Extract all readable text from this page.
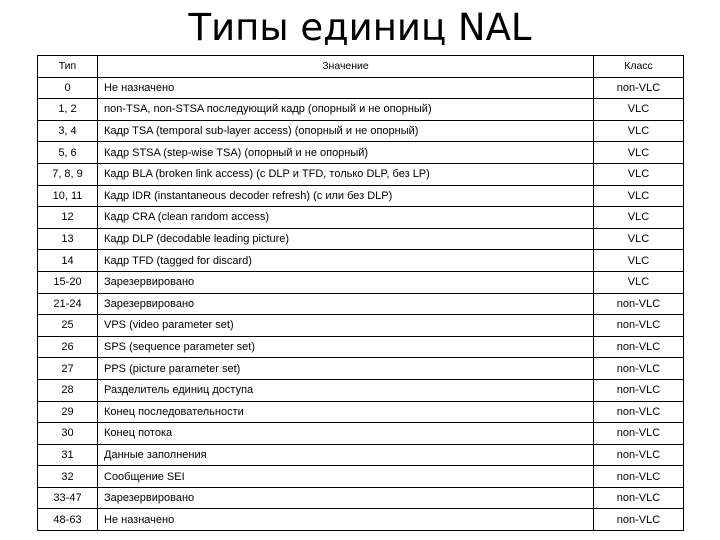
Типы единиц NAL
Тип	Значение	Класс
0	Не назначено	non-VLC
1, 2	non-TSA, non-STSA последующий кадр (опорный и не опорный)	VLC
3, 4	Кадр TSA (temporal sub-layer access) (опорный и не опорный)	VLC
5, 6	Кадр STSA (step-wise TSA) (опорный и не опорный)	VLC
7, 8, 9	Кадр BLA (broken link access) (с DLP и TFD, только DLP, без LP)	VLC
10, 11	Кадр IDR (instantaneous decoder refresh) (с или без DLP)	VLC
12	Кадр CRA (clean random access)	VLC
13	Кадр DLP (decodable leading picture)	VLC
14	Кадр TFD (tagged for discard)	VLC
15-20	Зарезервировано	VLC
21-24	Зарезервировано	non-VLC
25	VPS (video parameter set)	non-VLC
26	SPS (sequence parameter set)	non-VLC
27	PPS (picture parameter set)	non-VLC
28	Разделитель единиц доступа	non-VLC
29	Конец последовательности	non-VLC
30	Конец потока	non-VLC
31	Данные заполнения	non-VLC
32	Сообщение SEI	non-VLC
33-47	Зарезервировано	non-VLC
48-63	Не назначено	non-VLC
